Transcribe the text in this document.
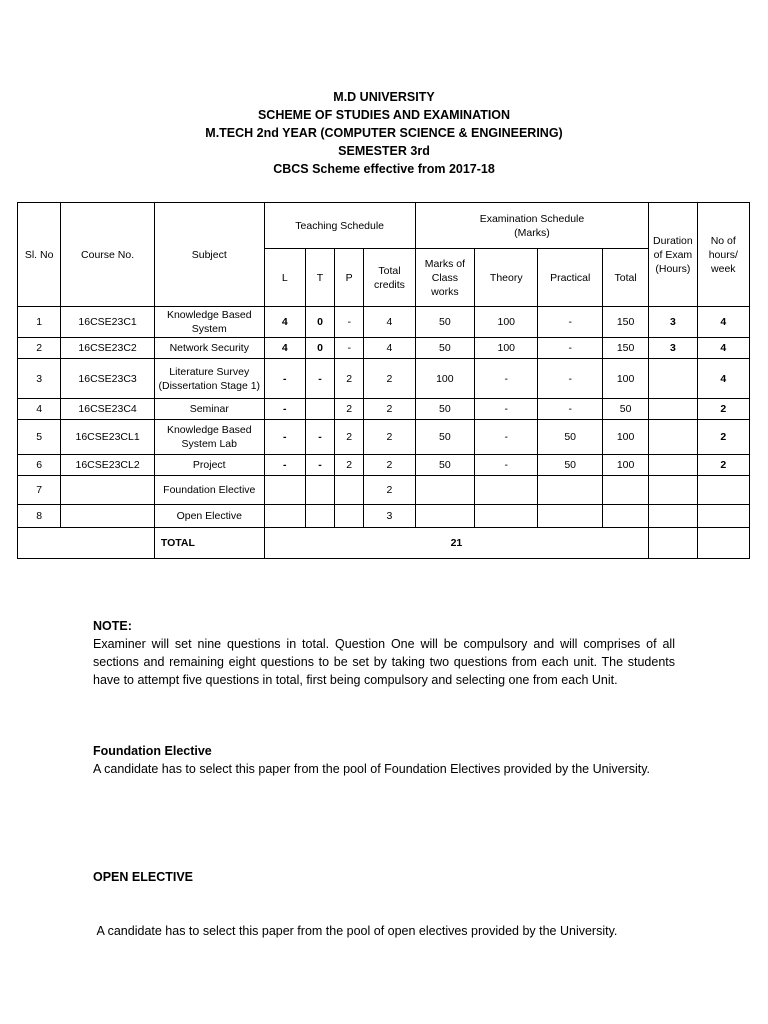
M.D UNIVERSITY
SCHEME OF STUDIES AND EXAMINATION
M.TECH 2nd YEAR (COMPUTER SCIENCE & ENGINEERING)
SEMESTER 3rd
CBCS Scheme effective from 2017-18
Sl. No	Course No.	Subject	Teaching Schedule				Examination Schedule (Marks)				Duration of Exam (Hours)	No of hours/ week
			L	T	P	Total credits	Marks of Class works	Theory	Practical	Total		
1	16CSE23C1	Knowledge Based System	4	0	-	4	50	100	-	150	3	4
2	16CSE23C2	Network Security	4	0	-	4	50	100	-	150	3	4
3	16CSE23C3	Literature Survey (Dissertation Stage 1)	-	-	2	2	100	-	-	100		4
4	16CSE23C4	Seminar	-		2	2	50	-	-	50		2
5	16CSE23CL1	Knowledge Based System Lab	-	-	2	2	50	-	50	100		2
6	16CSE23CL2	Project	-	-	2	2	50	-	50	100		2
7		Foundation Elective				2						
8		Open Elective				3						
		TOTAL	21									
NOTE:
Examiner will set nine questions in total. Question One will be compulsory and will comprises of all sections and remaining eight questions to be set by taking two questions from each unit. The students have to attempt five questions in total, first being compulsory and selecting one from each Unit.
Foundation Elective
A candidate has to select this paper from the pool of Foundation Electives provided by the University.

OPEN ELECTIVE

A candidate has to select this paper from the pool of open electives provided by the University.
